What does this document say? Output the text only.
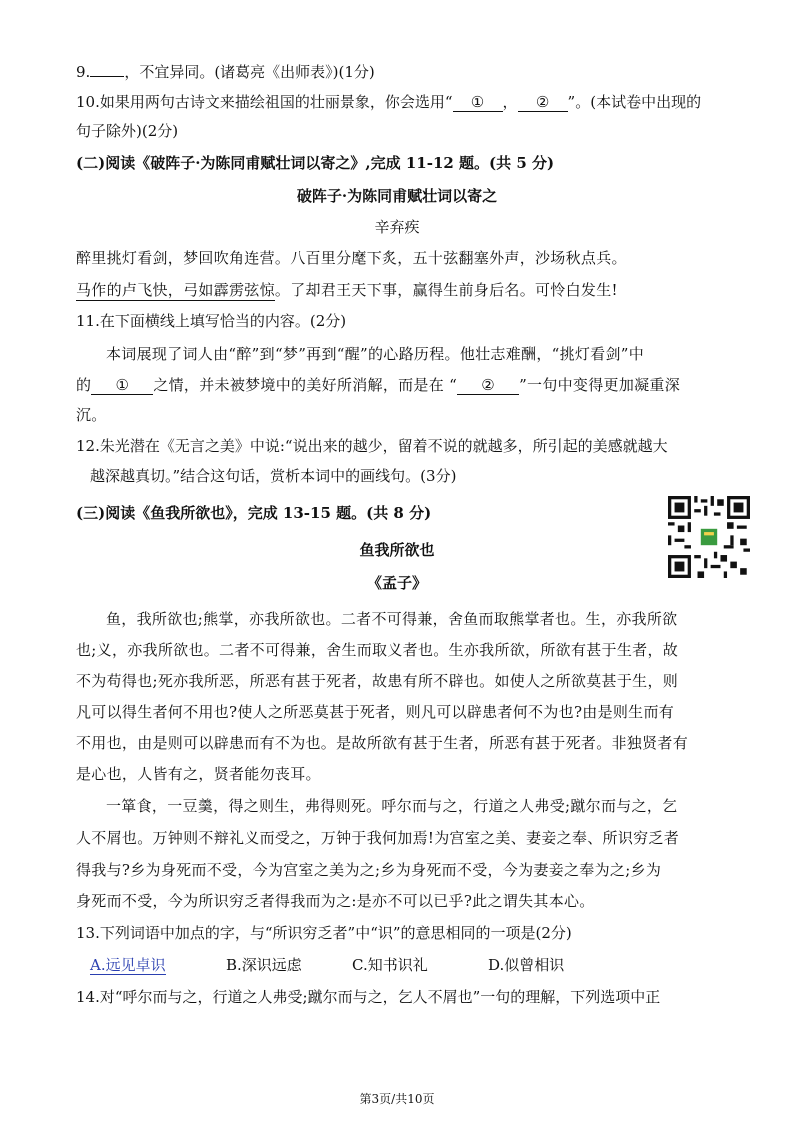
9. ，不宜异同。(诸葛亮《出师表》)(1分)
10.如果用两句古诗文来描绘祖国的壮丽景象，你会选用“ ① ， ② ”。(本试卷中出现的
句子除外)(2分)
(二)阅读《破阵子·为陈同甫赋壮词以寄之》,完成 11-12 题。(共 5 分)
破阵子·为陈同甫赋壮词以寄之
辛弃疾
醉里挑灯看剑，梦回吹角连营。八百里分麾下炙，五十弦翻塞外声，沙场秋点兵。
马作的卢飞快，弓如霹雳弦惊。了却君王天下事，赢得生前身后名。可怜白发生!
11.在下面横线上填写恰当的内容。(2分)
本词展现了词人由“醉”到“梦”再到“醒”的心路历程。他壮志难酬，“挑灯看剑”中
的 ① 之情，并未被梦境中的美好所消解，而是在 “ ② ”一句中变得更加凝重深
沉。
12.朱光潜在《无言之美》中说:“说出来的越少，留着不说的就越多，所引起的美感就越大
越深越真切。”结合这句话，赏析本词中的画线句。(3分)
(三)阅读《鱼我所欲也》，完成 13-15 题。(共 8 分)
鱼我所欲也
《孟子》
鱼，我所欲也;熊掌，亦我所欲也。二者不可得兼，舍鱼而取熊掌者也。生，亦我所欲
也;义，亦我所欲也。二者不可得兼，舍生而取义者也。生亦我所欲，所欲有甚于生者，故
不为苟得也;死亦我所恶，所恶有甚于死者，故患有所不辟也。如使人之所欲莫甚于生，则
凡可以得生者何不用也?使人之所恶莫甚于死者，则凡可以辟患者何不为也?由是则生而有
不用也，由是则可以辟患而有不为也。是故所欲有甚于生者，所恶有甚于死者。非独贤者有
是心也，人皆有之，贤者能勿丧耳。
一箪食，一豆羹，得之则生，弗得则死。呼尔而与之，行道之人弗受;蹴尔而与之，乞
人不屑也。万钟则不辩礼义而受之，万钟于我何加焉!为宫室之美、妻妾之奉、所识穷乏者
得我与?乡为身死而不受，今为宫室之美为之;乡为身死而不受，今为妻妾之奉为之;乡为
身死而不受，今为所识穷乏者得我而为之:是亦不可以已乎?此之谓失其本心。
13.下列词语中加点的字，与“所识穷乏者”中“识”的意思相同的一项是(2分)
A.远见卓识	B.深识远虑	C.知书识礼	D.似曾相识
14.对“呼尔而与之，行道之人弗受;蹴尔而与之，乞人不屑也”一句的理解，下列选项中正
第3页/共10页
